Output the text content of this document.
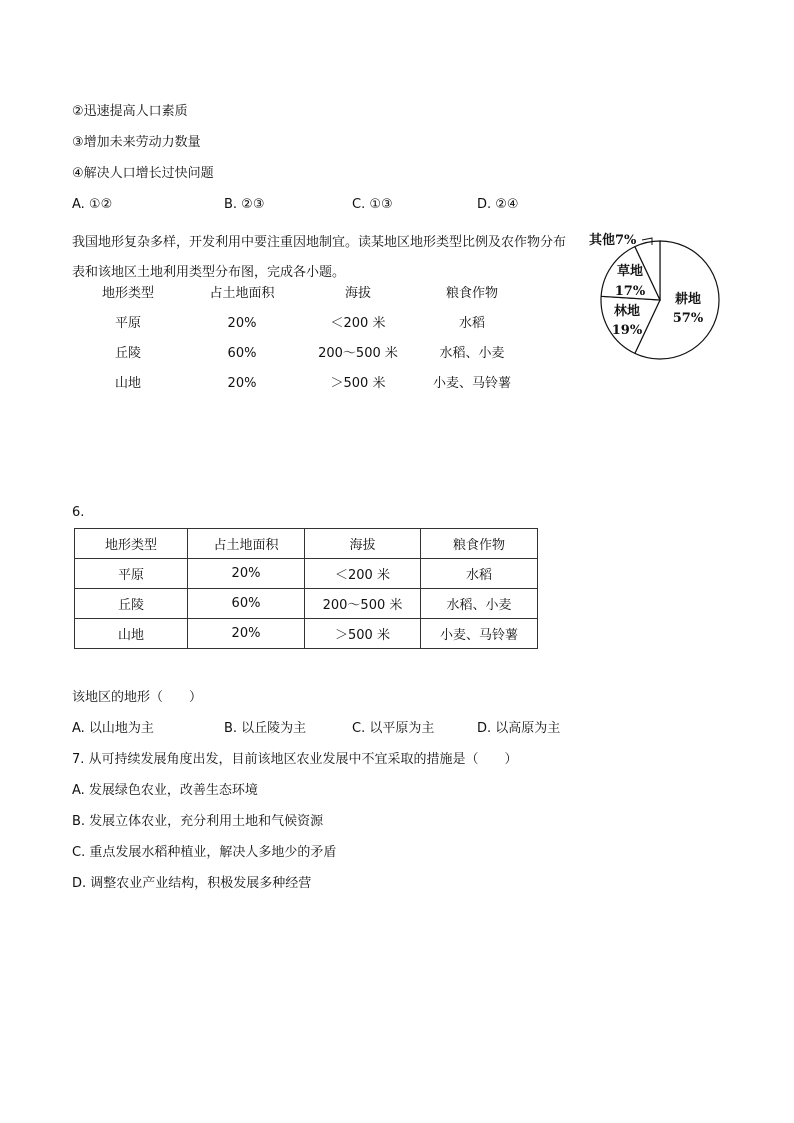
②迅速提高人口素质
③增加未来劳动力数量
④解决人口增长过快问题
A. ①②	B. ②③	C. ①③	D. ②④
我国地形复杂多样，开发利用中要注重因地制宜。读某地区地形类型比例及农作物分布表和该地区土地利用类型分布图，完成各小题。
地形类型	占土地面积	海拔	粮食作物
平原	20%	＜200 米	水稻
丘陵	60%	200～500 米	水稻、小麦
山地	20%	＞500 米	小麦、马铃薯
耕地
57%
林地
19%
草地
17%
其他7%
6.
地形类型	占土地面积	海拔	粮食作物
平原	20%	＜200 米	水稻
丘陵	60%	200～500 米	水稻、小麦
山地	20%	＞500 米	小麦、马铃薯
该地区的地形（　　）
A. 以山地为主	B. 以丘陵为主	C. 以平原为主	D. 以高原为主
7. 从可持续发展角度出发，目前该地区农业发展中不宜采取的措施是（　　）
A. 发展绿色农业，改善生态环境
B. 发展立体农业，充分利用土地和气候资源
C. 重点发展水稻种植业，解决人多地少的矛盾
D. 调整农业产业结构，积极发展多种经营
